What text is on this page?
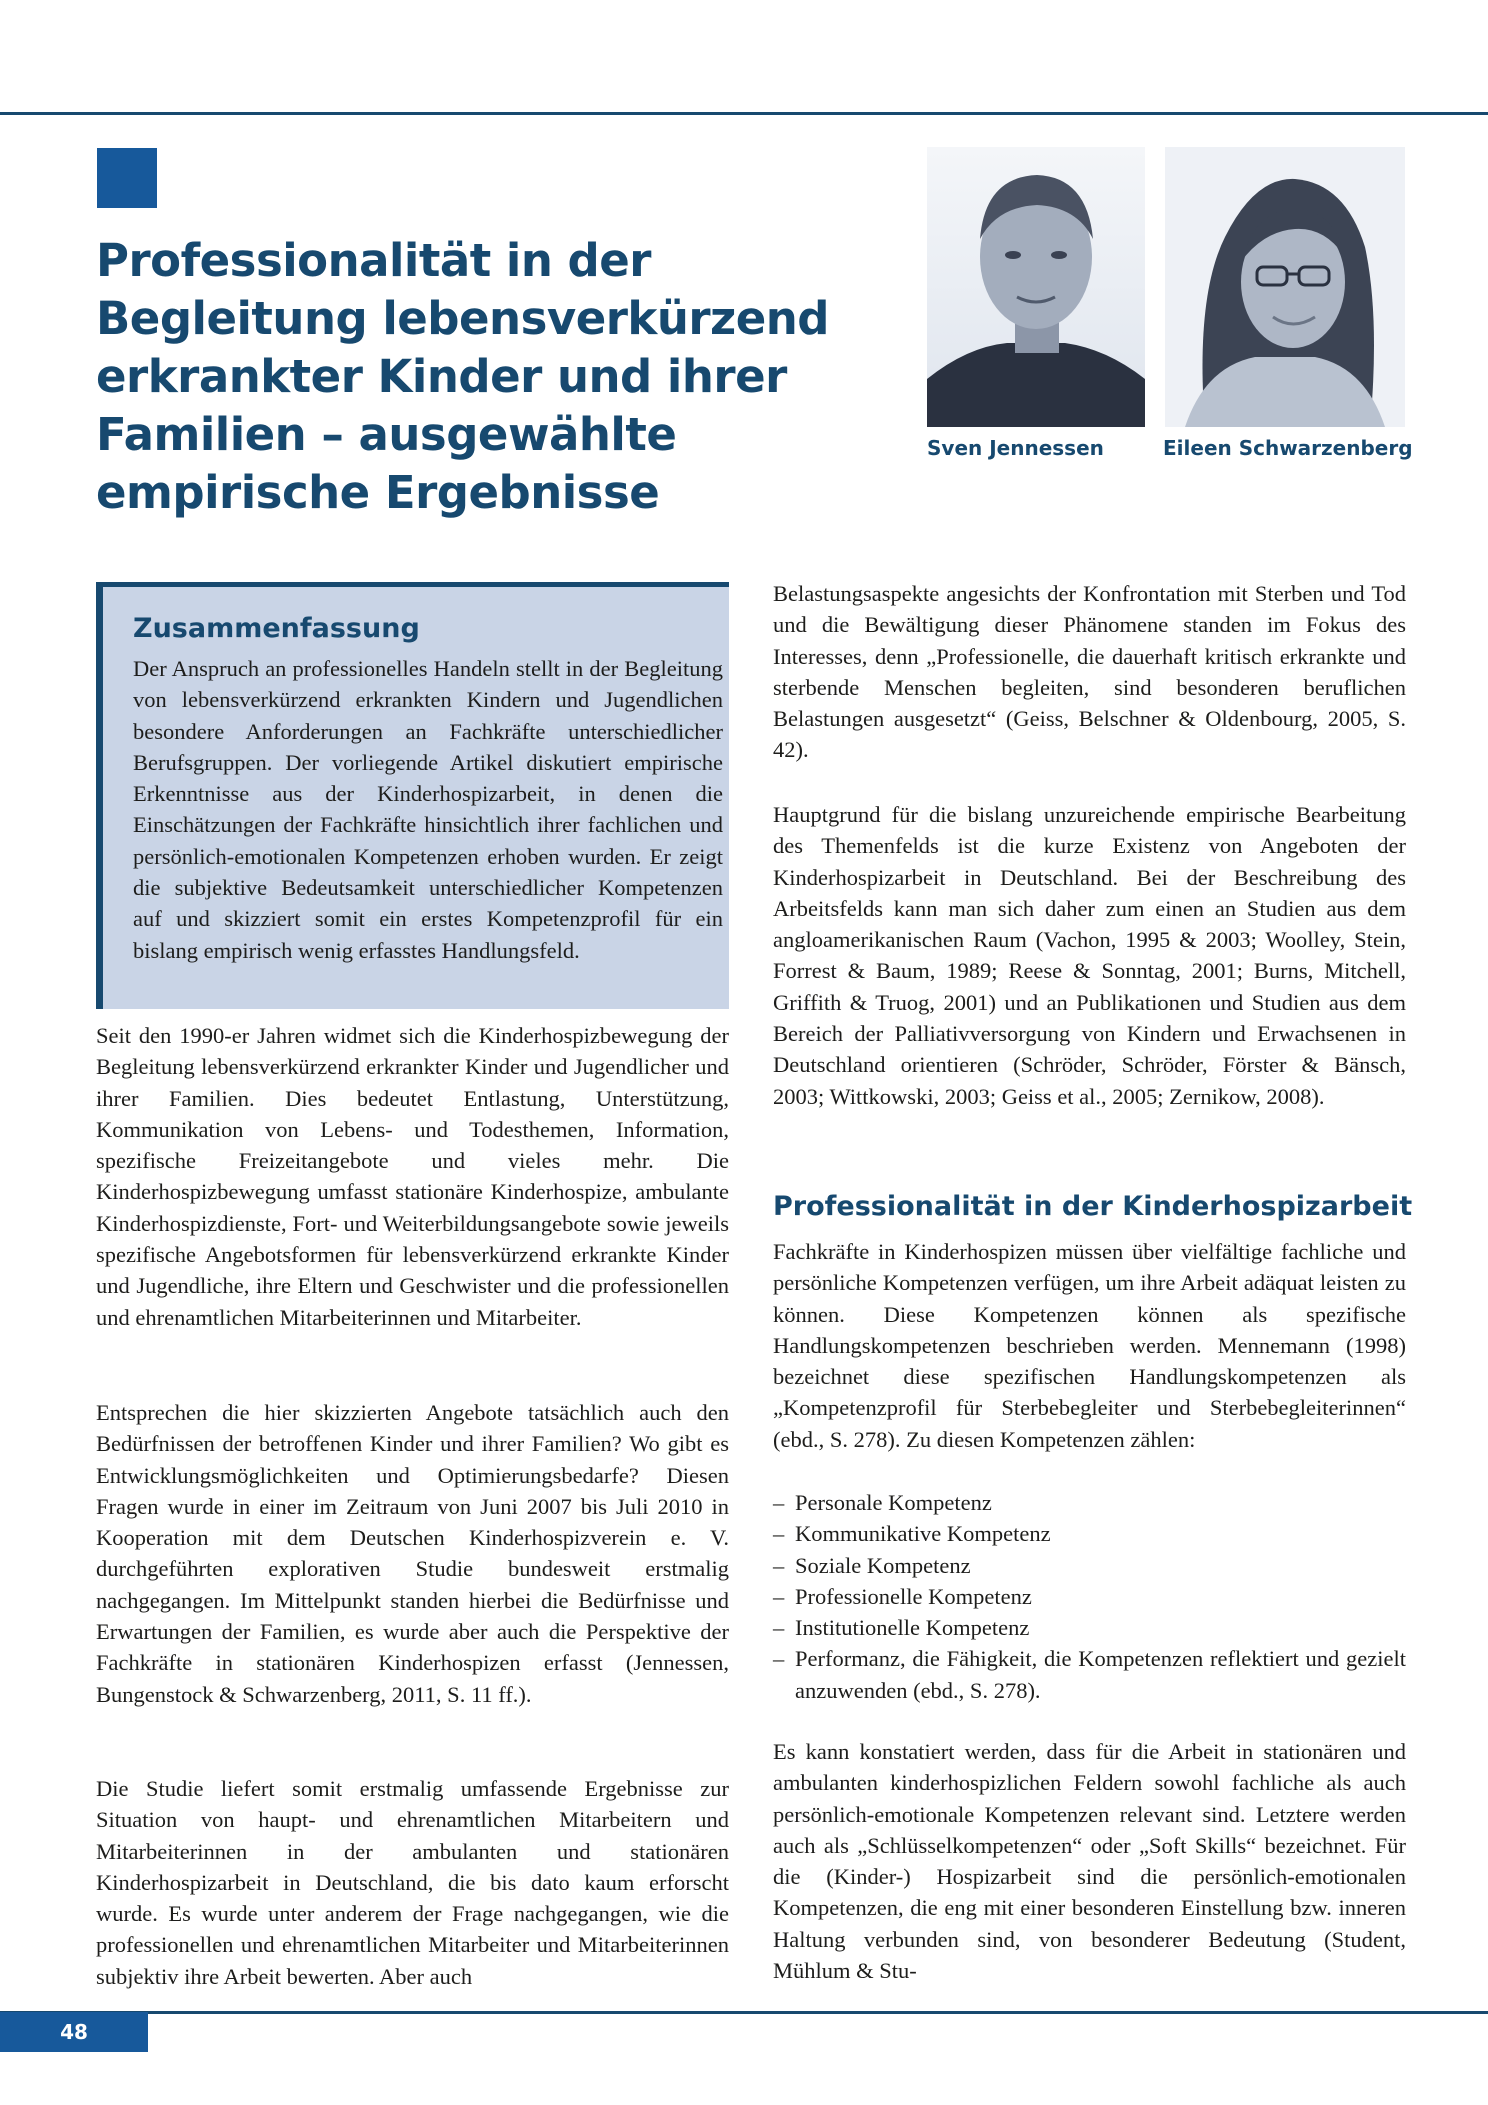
Professionalität in der Begleitung lebensverkürzend erkrankter Kinder und ihrer Familien – ausgewählte empirische Ergebnisse

Sven Jennessen	Eileen Schwarzenberg

Zusammenfassung

Der Anspruch an professionelles Handeln stellt in der Begleitung von lebensverkürzend erkrankten Kindern und Jugendlichen besondere Anforderungen an Fachkräfte unterschiedlicher Berufsgruppen. Der vorliegende Artikel diskutiert empirische Erkenntnisse aus der Kinderhospizarbeit, in denen die Einschätzungen der Fachkräfte hinsichtlich ihrer fachlichen und persönlich-emotionalen Kompetenzen erhoben wurden. Er zeigt die subjektive Bedeutsamkeit unterschiedlicher Kompetenzen auf und skizziert somit ein erstes Kompetenzprofil für ein bislang empirisch wenig erfasstes Handlungsfeld.

Seit den 1990-er Jahren widmet sich die Kinderhospizbewegung der Begleitung lebensverkürzend erkrankter Kinder und Jugendlicher und ihrer Familien. Dies bedeutet Entlastung, Unterstützung, Kommunikation von Lebens- und Todesthemen, Information, spezifische Freizeitangebote und vieles mehr. Die Kinderhospizbewegung umfasst stationäre Kinderhospize, ambulante Kinderhospizdienste, Fort- und Weiterbildungsangebote sowie jeweils spezifische Angebotsformen für lebensverkürzend erkrankte Kinder und Jugendliche, ihre Eltern und Geschwister und die professionellen und ehrenamtlichen Mitarbeiterinnen und Mitarbeiter.

Entsprechen die hier skizzierten Angebote tatsächlich auch den Bedürfnissen der betroffenen Kinder und ihrer Familien? Wo gibt es Entwicklungsmöglichkeiten und Optimierungsbedarfe? Diesen Fragen wurde in einer im Zeitraum von Juni 2007 bis Juli 2010 in Kooperation mit dem Deutschen Kinderhospizverein e. V. durchgeführten explorativen Studie bundesweit erstmalig nachgegangen. Im Mittelpunkt standen hierbei die Bedürfnisse und Erwartungen der Familien, es wurde aber auch die Perspektive der Fachkräfte in stationären Kinderhospizen erfasst (Jennessen, Bungenstock & Schwarzenberg, 2011, S. 11 ff.).

Die Studie liefert somit erstmalig umfassende Ergebnisse zur Situation von haupt- und ehrenamtlichen Mitarbeitern und Mitarbeiterinnen in der ambulanten und stationären Kinderhospizarbeit in Deutschland, die bis dato kaum erforscht wurde. Es wurde unter anderem der Frage nachgegangen, wie die professionellen und ehrenamtlichen Mitarbeiter und Mitarbeiterinnen subjektiv ihre Arbeit bewerten. Aber auch

Belastungsaspekte angesichts der Konfrontation mit Sterben und Tod und die Bewältigung dieser Phänomene standen im Fokus des Interesses, denn „Professionelle, die dauerhaft kritisch erkrankte und sterbende Menschen begleiten, sind besonderen beruflichen Belastungen ausgesetzt“ (Geiss, Belschner & Oldenbourg, 2005, S. 42).

Hauptgrund für die bislang unzureichende empirische Bearbeitung des Themenfelds ist die kurze Existenz von Angeboten der Kinderhospizarbeit in Deutschland. Bei der Beschreibung des Arbeitsfelds kann man sich daher zum einen an Studien aus dem angloamerikanischen Raum (Vachon, 1995 & 2003; Woolley, Stein, Forrest & Baum, 1989; Reese & Sonntag, 2001; Burns, Mitchell, Griffith & Truog, 2001) und an Publikationen und Studien aus dem Bereich der Palliativversorgung von Kindern und Erwachsenen in Deutschland orientieren (Schröder, Schröder, Förster & Bänsch, 2003; Wittkowski, 2003; Geiss et al., 2005; Zernikow, 2008).

Professionalität in der Kinderhospizarbeit

Fachkräfte in Kinderhospizen müssen über vielfältige fachliche und persönliche Kompetenzen verfügen, um ihre Arbeit adäquat leisten zu können. Diese Kompetenzen können als spezifische Handlungskompetenzen beschrieben werden. Mennemann (1998) bezeichnet diese spezifischen Handlungskompetenzen als „Kompetenzprofil für Sterbebegleiter und Sterbebegleiterinnen“ (ebd., S. 278). Zu diesen Kompetenzen zählen:

– Personale Kompetenz
– Kommunikative Kompetenz
– Soziale Kompetenz
– Professionelle Kompetenz
– Institutionelle Kompetenz
– Performanz, die Fähigkeit, die Kompetenzen reflektiert und gezielt anzuwenden (ebd., S. 278).

Es kann konstatiert werden, dass für die Arbeit in stationären und ambulanten kinderhospizlichen Feldern sowohl fachliche als auch persönlich-emotionale Kompetenzen relevant sind. Letztere werden auch als „Schlüsselkompetenzen“ oder „Soft Skills“ bezeichnet. Für die (Kinder-) Hospizarbeit sind die persönlich-emotionalen Kompetenzen, die eng mit einer besonderen Einstellung bzw. inneren Haltung verbunden sind, von besonderer Bedeutung (Student, Mühlum & Stu-

48
